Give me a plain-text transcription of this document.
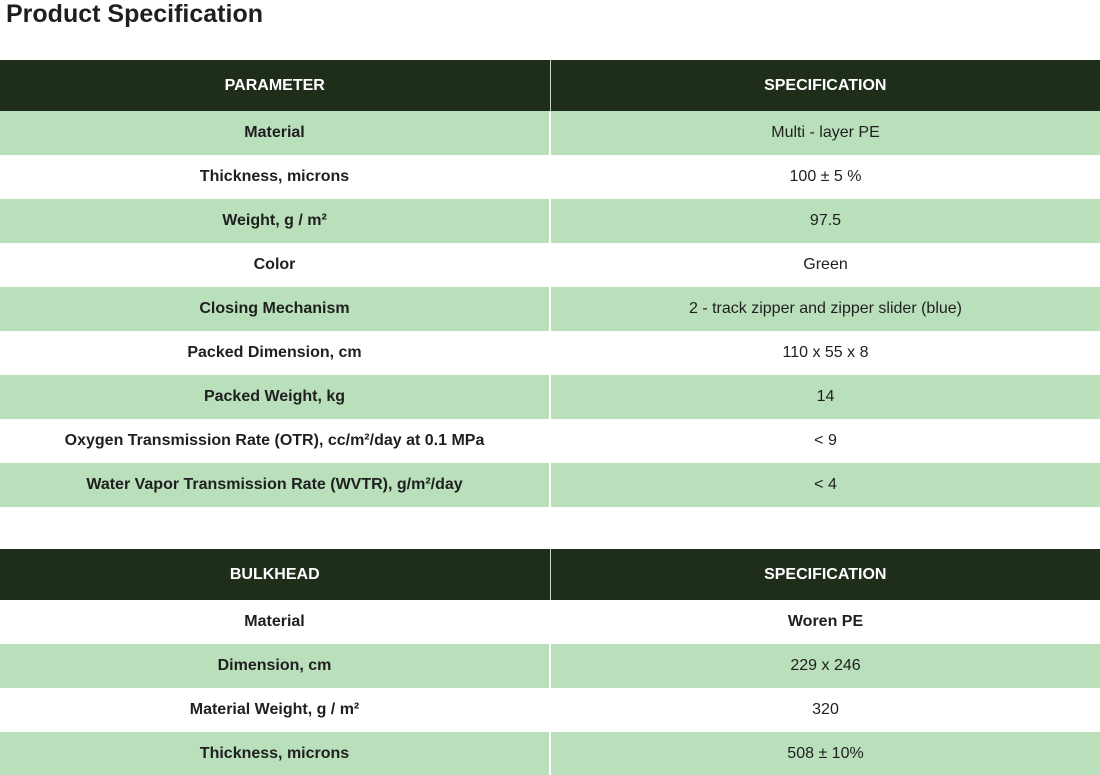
Product Specification
PARAMETER	SPECIFICATION
Material	Multi - layer PE
Thickness, microns	100 ± 5 %
Weight, g / m²	97.5
Color	Green
Closing Mechanism	2 - track zipper and zipper slider (blue)
Packed Dimension, cm	110 x 55 x 8
Packed Weight, kg	14
Oxygen Transmission Rate (OTR), cc/m²/day at 0.1 MPa	< 9
Water Vapor Transmission Rate (WVTR), g/m²/day	< 4
BULKHEAD	SPECIFICATION
Material	Woren PE
Dimension, cm	229 x 246
Material Weight, g / m²	320
Thickness, microns	508 ± 10%
